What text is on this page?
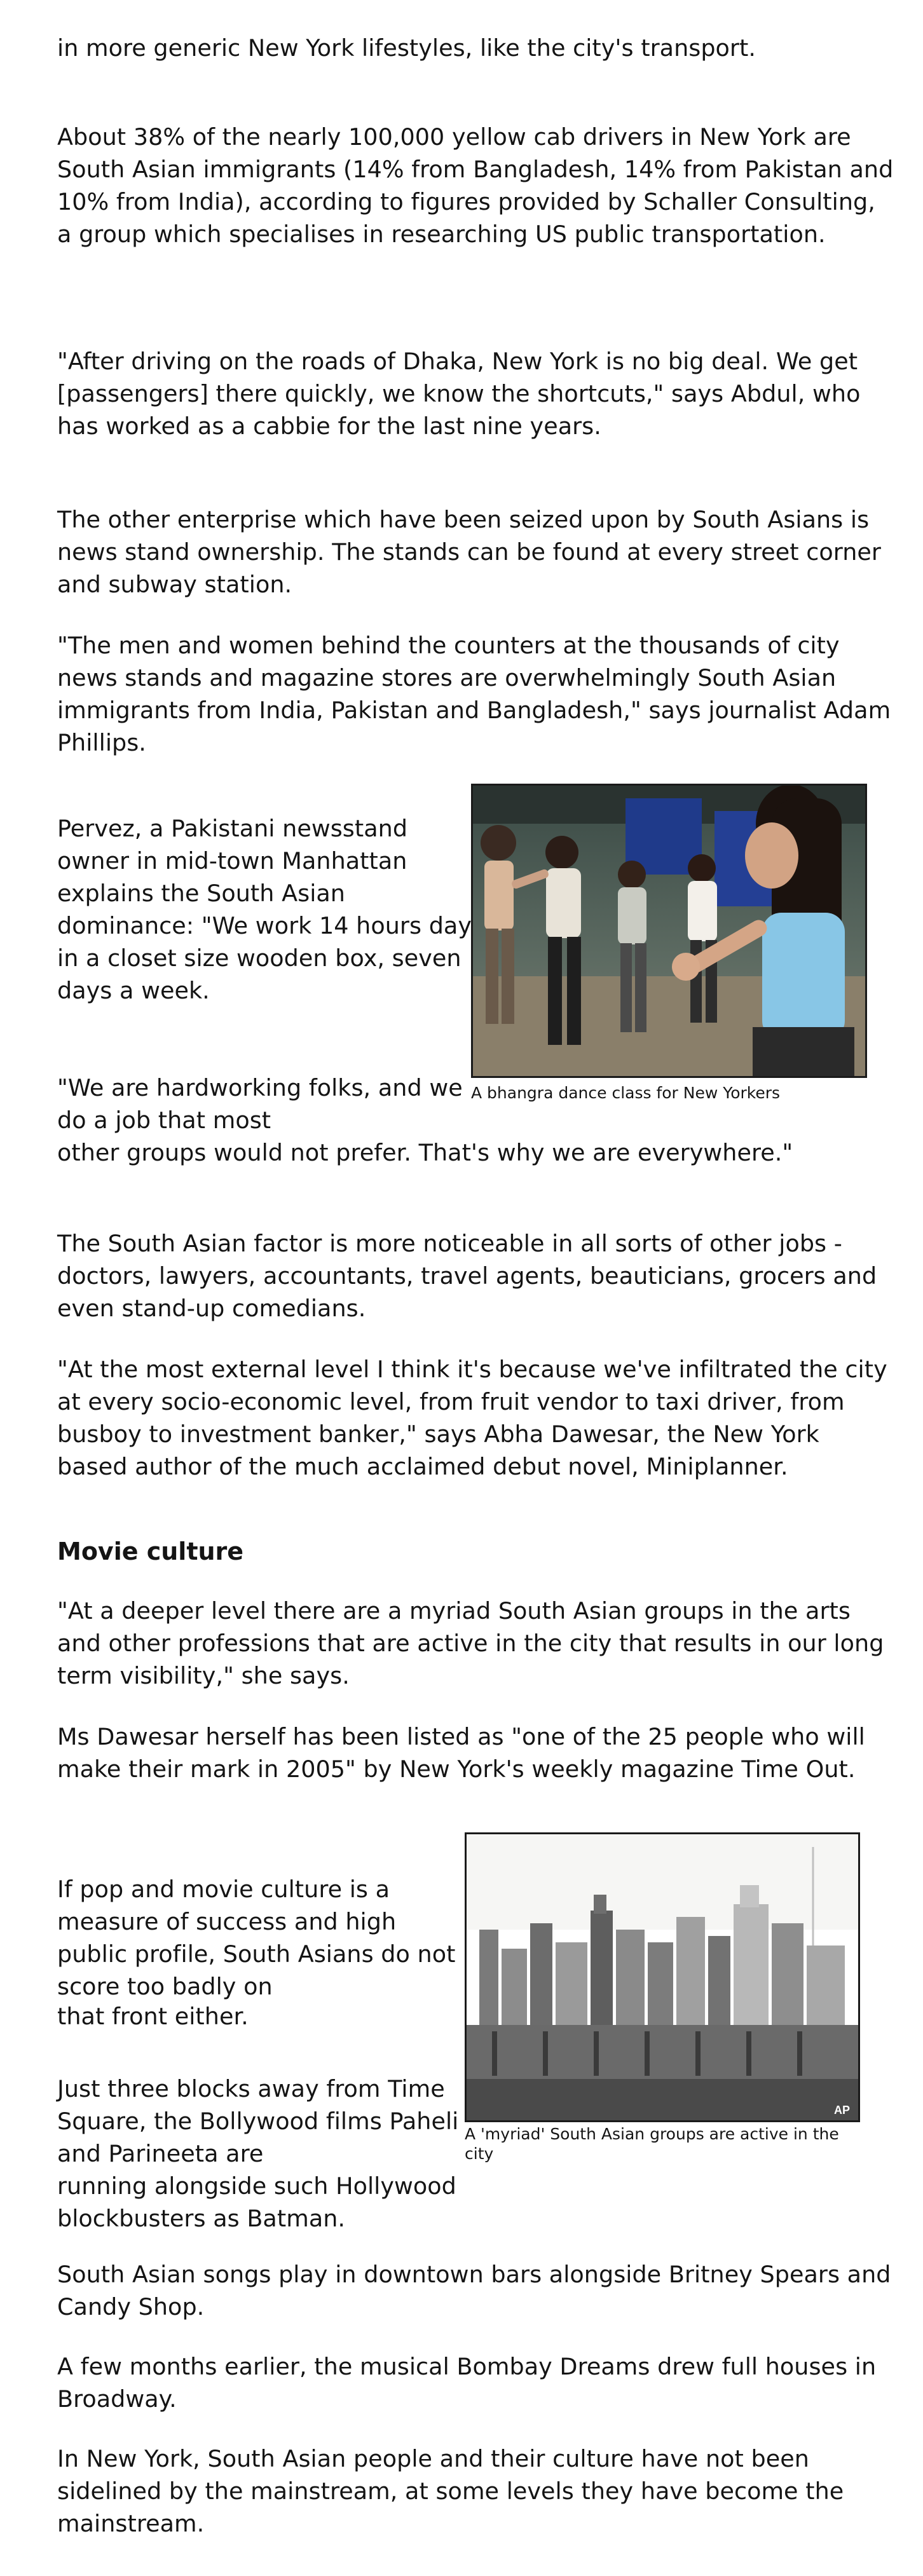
in more generic New York lifestyles, like the city's transport.

About 38% of the nearly 100,000 yellow cab drivers in New York are South Asian immigrants (14% from Bangladesh, 14% from Pakistan and 10% from India), according to figures provided by Schaller Consulting, a group which specialises in researching US public transportation.

"After driving on the roads of Dhaka, New York is no big deal. We get [passengers] there quickly, we know the shortcuts," says Abdul, who has worked as a cabbie for the last nine years.

The other enterprise which have been seized upon by South Asians is news stand ownership. The stands can be found at every street corner and subway station.

"The men and women behind the counters at the thousands of city news stands and magazine stores are overwhelmingly South Asian immigrants from India, Pakistan and Bangladesh," says journalist Adam Phillips.

Pervez, a Pakistani newsstand owner in mid-town Manhattan explains the South Asian dominance: "We work 14 hours day in a closet size wooden box, seven days a week.

A bhangra dance class for New Yorkers

"We are hardworking folks, and we do a job that most

other groups would not prefer. That's why we are everywhere."

The South Asian factor is more noticeable in all sorts of other jobs - doctors, lawyers, accountants, travel agents, beauticians, grocers and even stand-up comedians.

"At the most external level I think it's because we've infiltrated the city at every socio-economic level, from fruit vendor to taxi driver, from busboy to investment banker," says Abha Dawesar, the New York based author of the much acclaimed debut novel, Miniplanner.

Movie culture

"At a deeper level there are a myriad South Asian groups in the arts and other professions that are active in the city that results in our long term visibility," she says.

Ms Dawesar herself has been listed as "one of the 25 people who will make their mark in 2005" by New York's weekly magazine Time Out.

If pop and movie culture is a measure of success and high public profile, South Asians do not score too badly on

that front either.

AP

A 'myriad' South Asian groups are active in the city

Just three blocks away from Time Square, the Bollywood films Paheli and Parineeta are

running alongside such Hollywood blockbusters as Batman.

South Asian songs play in downtown bars alongside Britney Spears and Candy Shop.

A few months earlier, the musical Bombay Dreams drew full houses in Broadway.

In New York, South Asian people and their culture have not been sidelined by the mainstream, at some levels they have become the mainstream.
